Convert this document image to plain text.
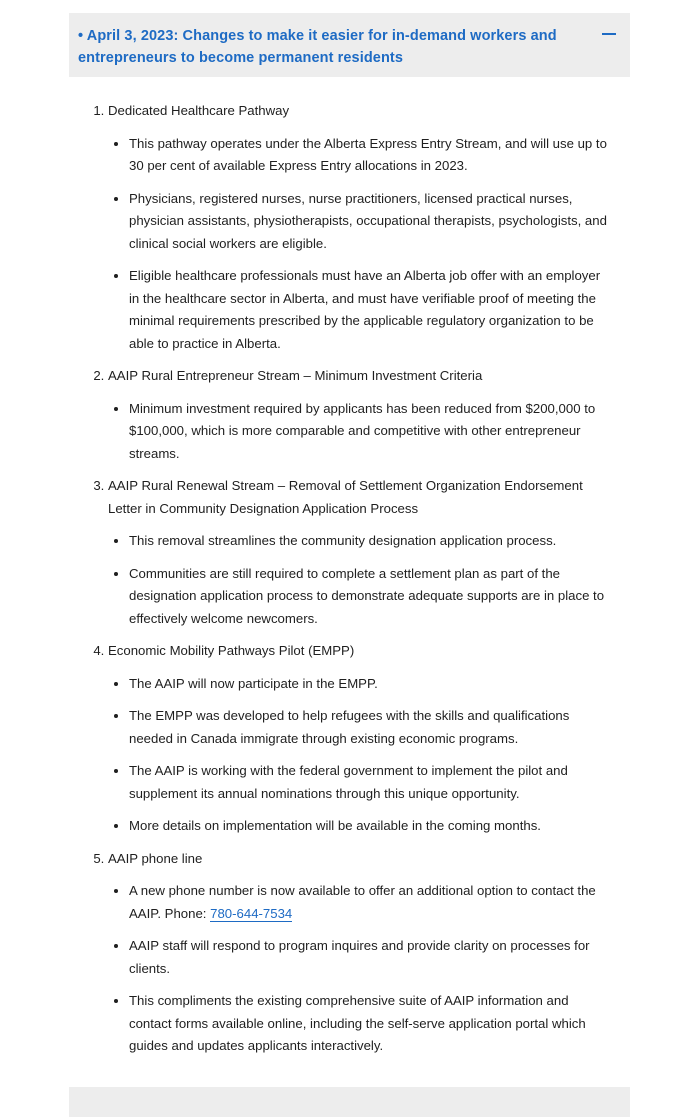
• April 3, 2023: Changes to make it easier for in-demand workers and entrepreneurs to become permanent residents
1. Dedicated Healthcare Pathway
• This pathway operates under the Alberta Express Entry Stream, and will use up to 30 per cent of available Express Entry allocations in 2023.
• Physicians, registered nurses, nurse practitioners, licensed practical nurses, physician assistants, physiotherapists, occupational therapists, psychologists, and clinical social workers are eligible.
• Eligible healthcare professionals must have an Alberta job offer with an employer in the healthcare sector in Alberta, and must have verifiable proof of meeting the minimal requirements prescribed by the applicable regulatory organization to be able to practice in Alberta.
2. AAIP Rural Entrepreneur Stream – Minimum Investment Criteria
• Minimum investment required by applicants has been reduced from $200,000 to $100,000, which is more comparable and competitive with other entrepreneur streams.
3. AAIP Rural Renewal Stream – Removal of Settlement Organization Endorsement Letter in Community Designation Application Process
• This removal streamlines the community designation application process.
• Communities are still required to complete a settlement plan as part of the designation application process to demonstrate adequate supports are in place to effectively welcome newcomers.
4. Economic Mobility Pathways Pilot (EMPP)
• The AAIP will now participate in the EMPP.
• The EMPP was developed to help refugees with the skills and qualifications needed in Canada immigrate through existing economic programs.
• The AAIP is working with the federal government to implement the pilot and supplement its annual nominations through this unique opportunity.
• More details on implementation will be available in the coming months.
5. AAIP phone line
• A new phone number is now available to offer an additional option to contact the AAIP. Phone: 780-644-7534
• AAIP staff will respond to program inquires and provide clarity on processes for clients.
• This compliments the existing comprehensive suite of AAIP information and contact forms available online, including the self-serve application portal which guides and updates applicants interactively.
